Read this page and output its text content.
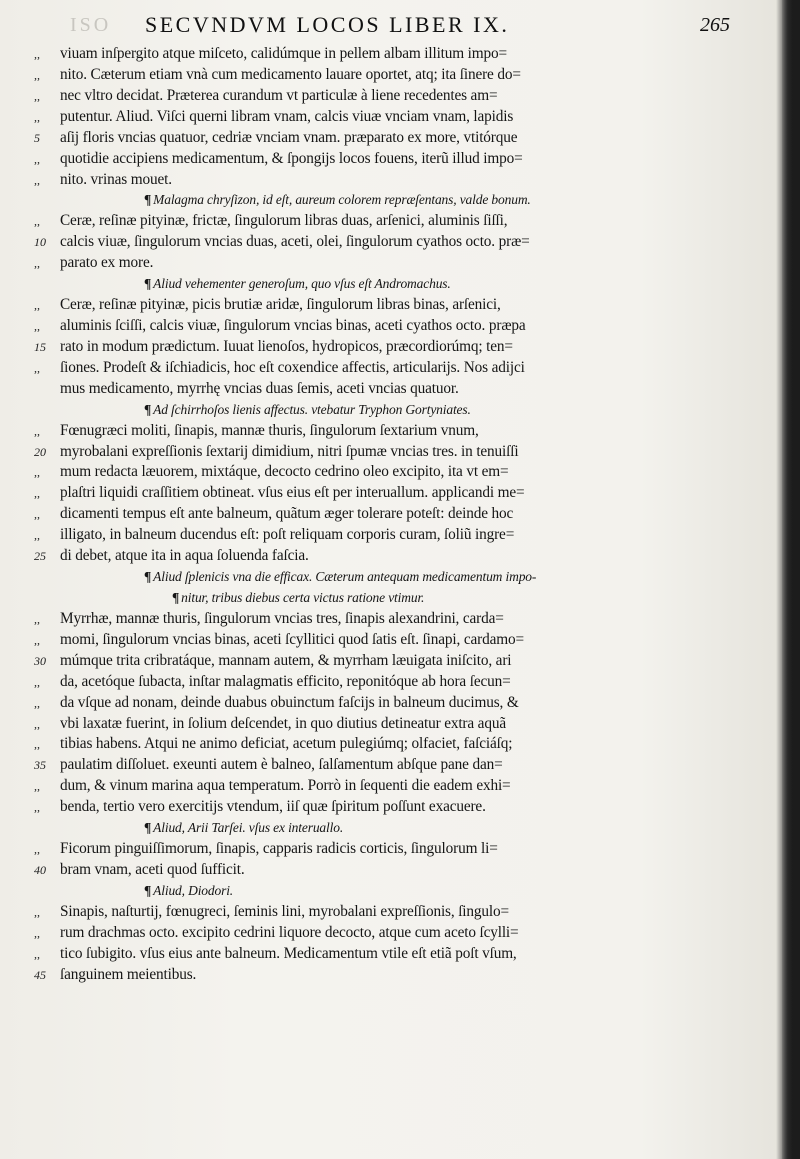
ISO SECVNDVM LOCOS LIBER IX.	265
,,	viuam inſpergito atque miſceto, calidúmque in pellem albam illitum impo=
,,	nito. Cæterum etiam vnà cum medicamento lauare oportet, atq; ita ſinere do=
,,	nec vltro decidat. Præterea curandum vt particulæ à liene recedentes am=
,,	putentur. Aliud. Viſci querni libram vnam, calcis viuæ vnciam vnam, lapidis
5	aſij floris vncias quatuor, cedriæ vnciam vnam. præparato ex more, vtitórque
,,	quotidie accipiens medicamentum, & ſpongijs locos fouens, iterũ illud impo=
,,	nito. vrinas mouet.
¶ Malagma chryſizon, id eſt, aureum colorem repræſentans, valde bonum.
,,	Ceræ, reſinæ pityinæ, frictæ, ſingulorum libras duas, arſenici, aluminis ſiſſi,
10 calcis viuæ, ſingulorum vncias duas, aceti, olei, ſingulorum cyathos octo. præ=
,,	parato ex more.
¶ Aliud vehementer generoſum, quo vſus eſt Andromachus.
,,	Ceræ, reſinæ pityinæ, picis brutiæ aridæ, ſingulorum libras binas, arſenici,
,,	aluminis ſciſſi, calcis viuæ, ſingulorum vncias binas, aceti cyathos octo. præpa
15 rato in modum prædictum. Iuuat lienoſos, hydropicos, præcordiorúmq; ten=
,,	ſiones. Prodeſt & iſchiadicis, hoc eſt coxendice affectis, articularijs. Nos adijci
mus medicamento, myrrhę vncias duas ſemis, aceti vncias quatuor.
¶ Ad ſchirrhoſos lienis affectus. vtebatur Tryphon Gortyniates.
,,	Fœnugræci moliti, ſinapis, mannæ thuris, ſingulorum ſextarium vnum,
20 myrobalani expreſſionis ſextarij dimidium, nitri ſpumæ vncias tres. in tenuiſſi
,,	mum redacta læuorem, mixtáque, decocto cedrino oleo excipito, ita vt em=
,,	plaſtri liquidi craſſitiem obtineat. vſus eius eſt per interuallum. applicandi me=
,,	dicamenti tempus eſt ante balneum, quãtum æger tolerare poteſt: deinde hoc
,,	illigato, in balneum ducendus eſt: poſt reliquam corporis curam, ſoliũ ingre=
25 di debet, atque ita in aqua ſoluenda faſcia.
¶ Aliud ſplenicis vna die efficax. Cæterum antequam medicamentum impo-
¶ nitur, tribus diebus certa victus ratione vtimur.
,,	Myrrhæ, mannæ thuris, ſingulorum vncias tres, ſinapis alexandrini, carda=
,,	momi, ſingulorum vncias binas, aceti ſcyllitici quod ſatis eſt. ſinapi, cardamo=
30 múmque trita cribratáque, mannam autem, & myrrham læuigata iniſcito, ari
,,	da, acetóque ſubacta, inſtar malagmatis efficito, reponitóque ab hora ſecun=
,,	da vſque ad nonam, deinde duabus obuinctum faſcijs in balneum ducimus, &
,,	vbi laxatæ fuerint, in ſolium deſcendet, in quo diutius detineatur extra aquã
,,	tibias habens. Atqui ne animo deficiat, acetum pulegiúmq; olfaciet, faſciáſq;
35 paulatim diſſoluet. exeunti autem è balneo, ſalſamentum abſque pane dan=
,,	dum, & vinum marina aqua temperatum. Porrò in ſequenti die eadem exhi=
,,	benda, tertio vero exercitijs vtendum, iiſ quæ ſpiritum poſſunt exacuere.
¶ Aliud, Arii Tarſei. vſus ex interuallo.
,,	Ficorum pinguiſſimorum, ſinapis, capparis radicis corticis, ſingulorum li=
40 bram vnam, aceti quod ſufficit.
¶ Aliud, Diodori.
,,	Sinapis, naſturtij, fœnugreci, ſeminis lini, myrobalani expreſſionis, ſingulo=
,,	rum drachmas octo. excipito cedrini liquore decocto, atque cum aceto ſcylli=
,,	tico ſubigito. vſus eius ante balneum. Medicamentum vtile eſt etiã poſt vſum,
45 ſanguinem meientibus.
